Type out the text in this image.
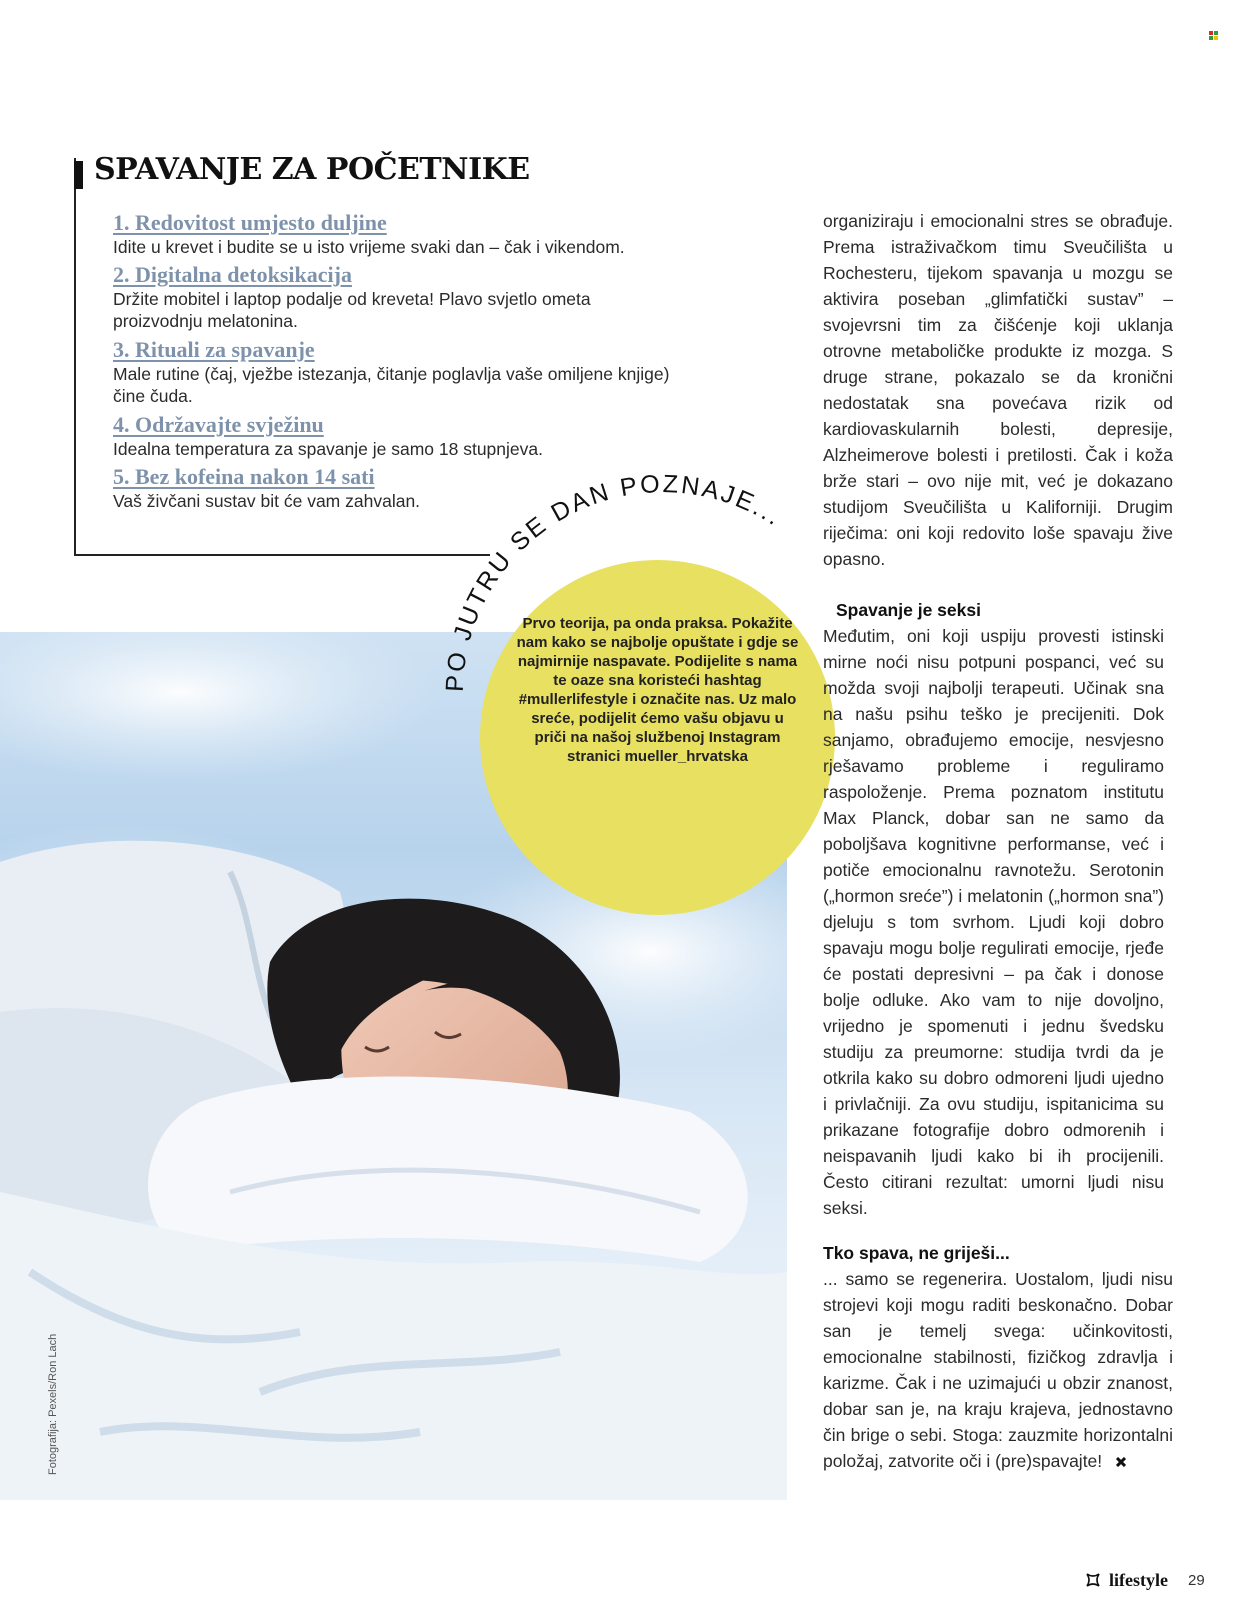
SPAVANJE ZA POČETNIKE
1. Redovitost umjesto duljine
Idite u krevet i budite se u isto vrijeme svaki dan – čak i vikendom.
2. Digitalna detoksikacija
Držite mobitel i laptop podalje od kreveta! Plavo svjetlo ometa proizvodnju melatonina.
3. Rituali za spavanje
Male rutine (čaj, vježbe istezanja, čitanje poglavlja vaše omiljene knjige) čine čuda.
4. Održavajte svježinu
Idealna temperatura za spavanje je samo 18 stupnjeva.
5. Bez kofeina nakon 14 sati
Vaš živčani sustav bit će vam zahvalan.
Fotografija: Pexels/Ron Lach
PO JUTRU SE DAN POZNAJE...
Prvo teorija, pa onda praksa. Pokažite nam kako se najbolje opuštate i gdje se najmirnije naspavate. Podijelite s nama te oaze sna koristeći hashtag #mullerlifestyle i označite nas. Uz malo sreće, podijelit ćemo vašu objavu u priči na našoj službenoj Instagram stranici mueller_hrvatska

organiziraju i emocionalni stres se obrađuje. Prema istraživačkom timu Sveučilišta u Rochesteru, tijekom spavanja u mozgu se aktivira poseban „glimfatički sustav” – svojevrsni tim za čišćenje koji uklanja otrovne metaboličke produkte iz mozga. S druge strane, pokazalo se da kronični nedostatak sna povećava rizik od kardiovaskularnih bolesti, depresije, Alzheimerove bolesti i pretilosti. Čak i koža brže stari – ovo nije mit, već je dokazano studijom Sveučilišta u Kaliforniji. Drugim riječima: oni koji redovito loše spavaju žive opasno.

Spavanje je seksi

Međutim, oni koji uspiju provesti istinski mirne noći nisu potpuni pospanci, već su možda svoji najbolji terapeuti. Učinak sna na našu psihu teško je precijeniti. Dok sanjamo, obrađujemo emocije, nesvjesno rješavamo probleme i reguliramo raspoloženje. Prema poznatom institutu Max Planck, dobar san ne samo da poboljšava kognitivne performanse, već i potiče emocionalnu ravnotežu. Serotonin („hormon sreće”) i melatonin („hormon sna”) djeluju s tom svrhom. Ljudi koji dobro spavaju mogu bolje regulirati emocije, rjeđe će postati depresivni – pa čak i donose bolje odluke. Ako vam to nije dovoljno, vrijedno je spomenuti i jednu švedsku studiju za preumorne: studija tvrdi da je otkrila kako su dobro odmoreni ljudi ujedno i privlačniji. Za ovu studiju, ispitanicima su prikazane fotografije dobro odmorenih i neispavanih ljudi kako bi ih procijenili. Često citirani rezultat: umorni ljudi nisu seksi.

Tko spava, ne griješi...

... samo se regenerira. Uostalom, ljudi nisu strojevi koji mogu raditi beskonačno. Dobar san je temelj svega: učinkovitosti, emocionalne stabilnosti, fizičkog zdravlja i karizme. Čak i ne uzimajući u obzir znanost, dobar san je, na kraju krajeva, jednostavno čin brige o sebi. Stoga: zauzmite horizontalni položaj, zatvorite oči i (pre)spavajte!

lifestyle 29
